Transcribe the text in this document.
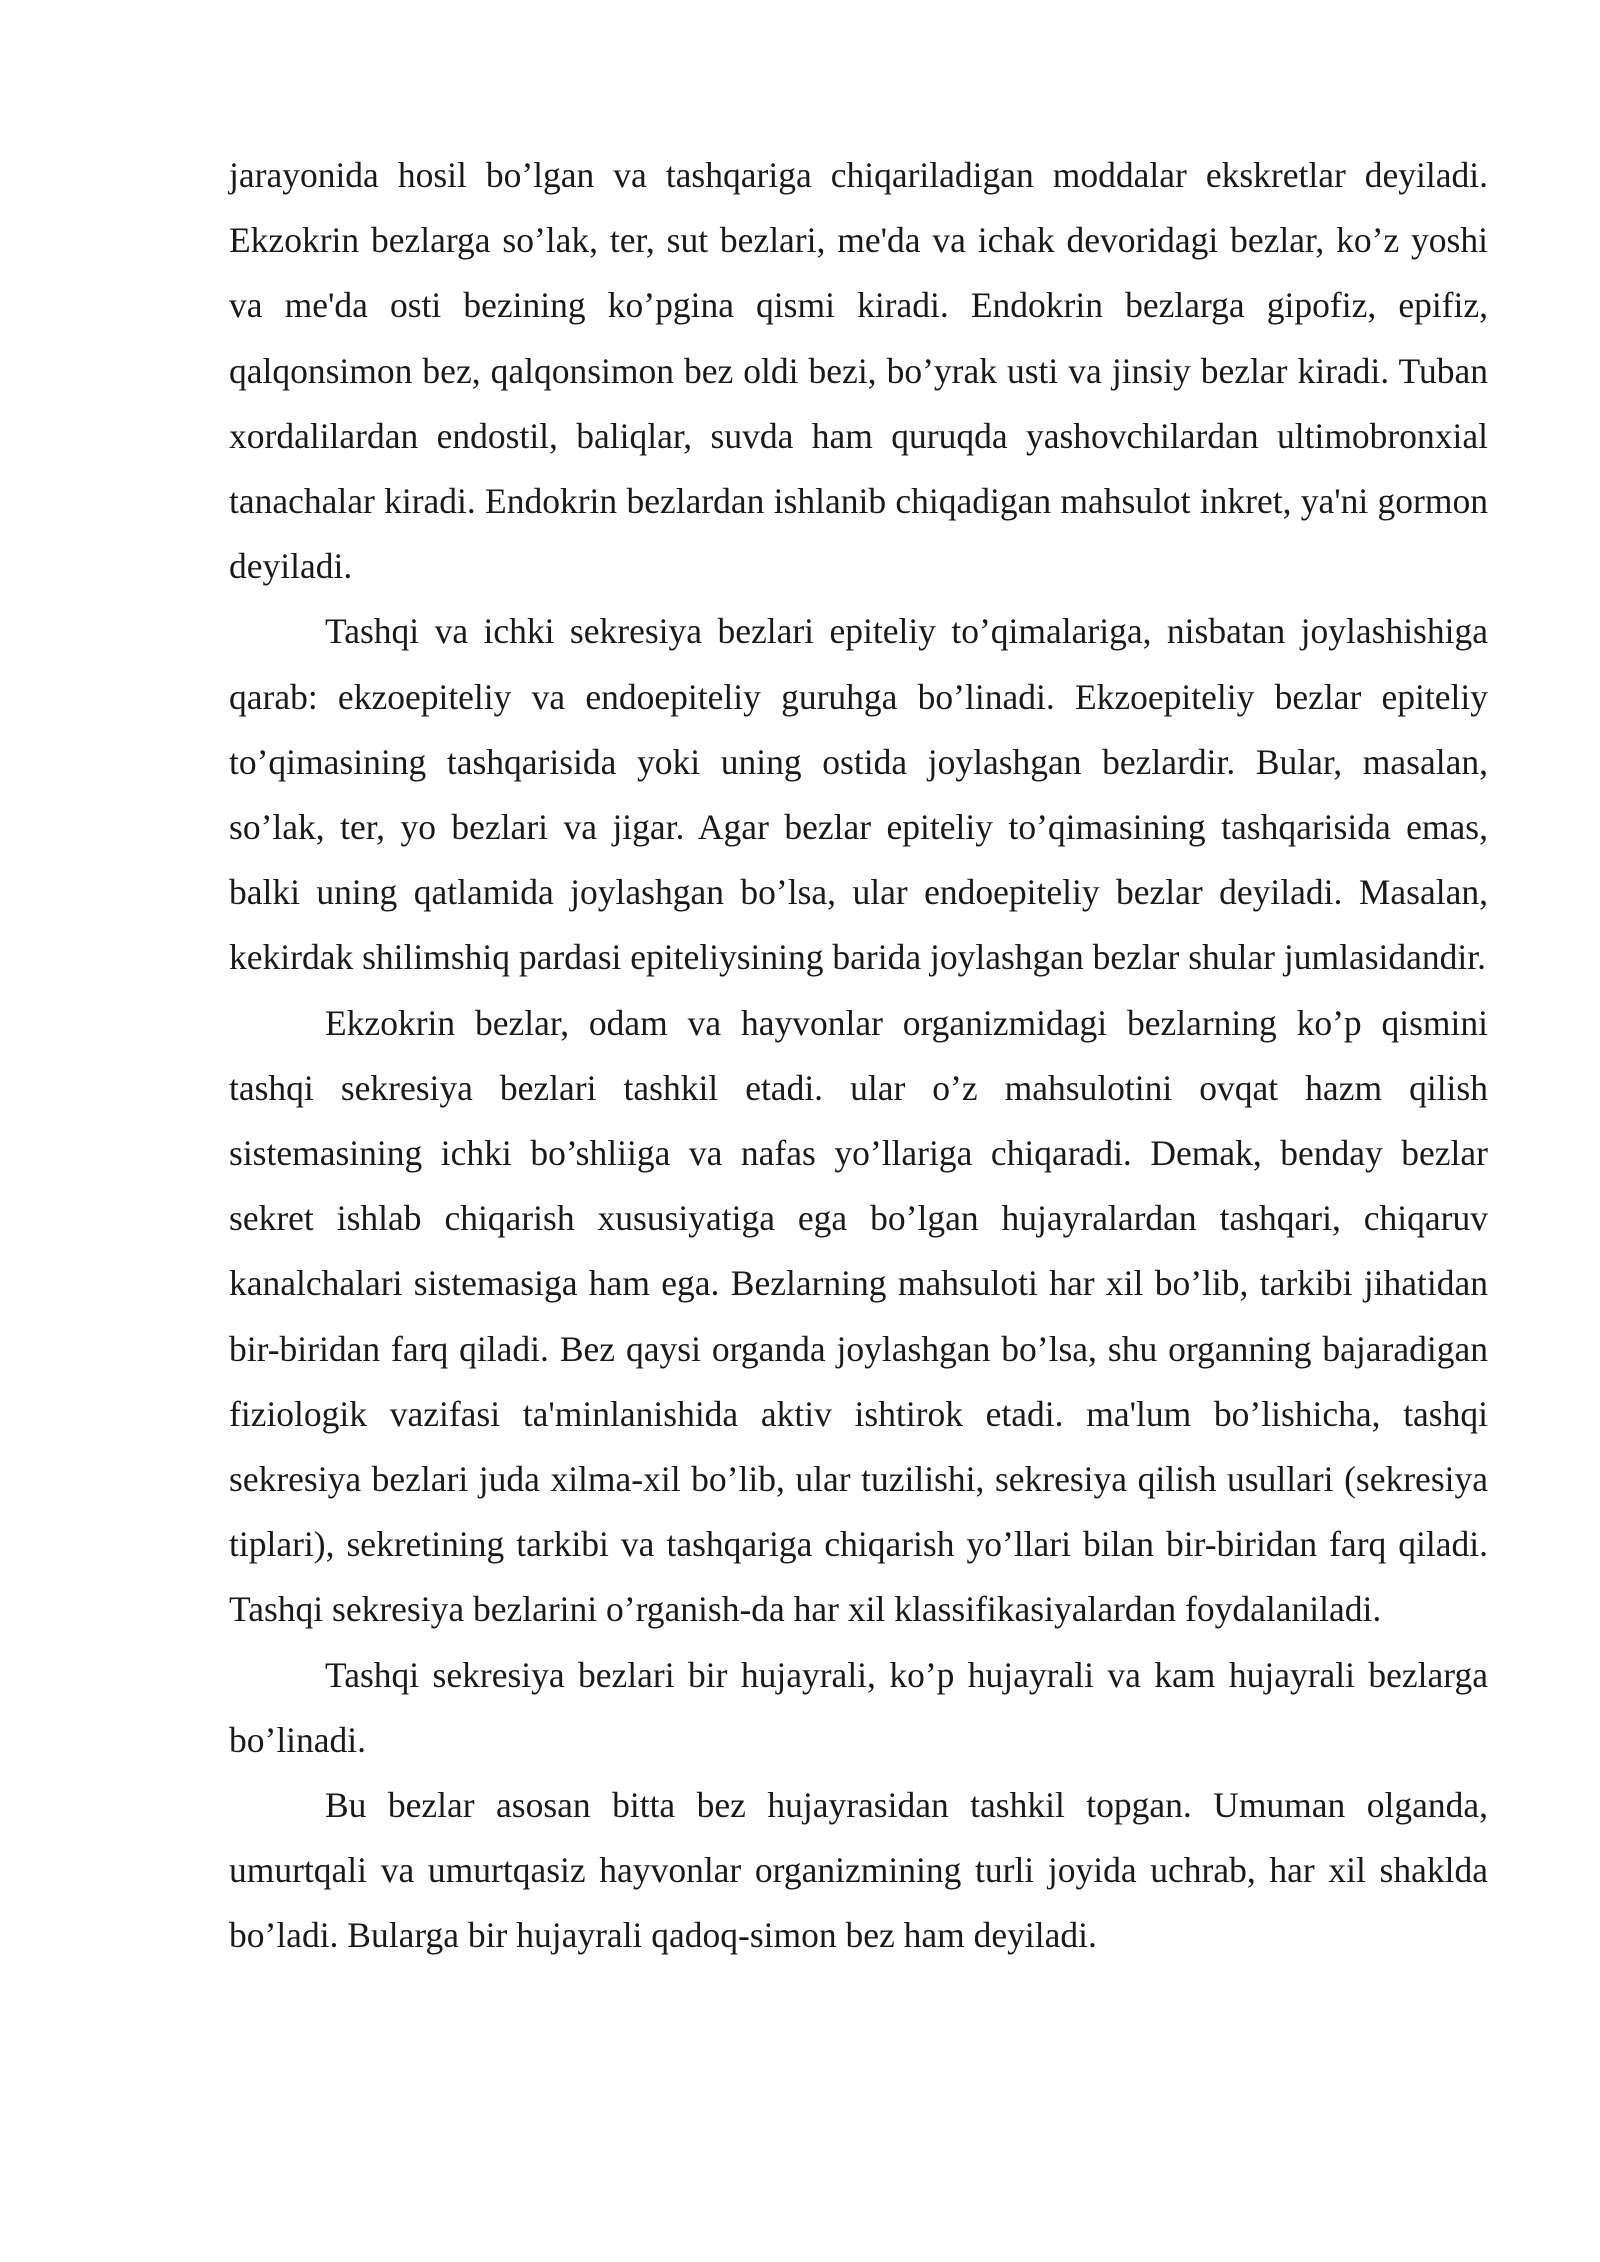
jarayonida hosil bo’lgan va tashqariga chiqariladigan moddalar ekskretlar deyiladi. Ekzokrin bezlarga so’lak, ter, sut bezlari, me'da va ichak devoridagi bezlar, ko’z yoshi va me'da osti bezining ko’pgina qismi kiradi. Endokrin bezlarga gipofiz, epifiz, qalqonsimon bez, qalqonsimon bez oldi bezi, bo’yrak usti va jinsiy bezlar kiradi. Tuban xordalilardan endostil, baliqlar, suvda ham quruqda yashovchilardan ultimobronxial tanachalar kiradi. Endokrin bezlardan ishlanib chiqadigan mahsulot inkret, ya'ni gormon deyiladi.

Tashqi va ichki sekresiya bezlari epiteliy to’qimalariga, nisbatan joylashishiga qarab: ekzoepiteliy va endoepiteliy guruhga bo’linadi. Ekzoepiteliy bezlar epiteliy to’qimasining tashqarisida yoki uning ostida joylashgan bezlardir. Bular, masalan, so’lak, ter, yo bezlari va jigar. Agar bezlar epiteliy to’qimasining tashqarisida emas, balki uning qatlamida joylashgan bo’lsa, ular endoepiteliy bezlar deyiladi. Masalan, kekirdak shilimshiq pardasi epiteliysining barida joylashgan bezlar shular jumlasidandir.

Ekzokrin bezlar, odam va hayvonlar organizmidagi bezlarning ko’p qismini tashqi sekresiya bezlari tashkil etadi. ular o’z mahsulotini ovqat hazm qilish sistemasining ichki bo’shliiga va nafas yo’llariga chiqaradi. Demak, benday bezlar sekret ishlab chiqarish xususiyatiga ega bo’lgan hujayralardan tashqari, chiqaruv kanalchalari sistemasiga ham ega. Bezlarning mahsuloti har xil bo’lib, tarkibi jihatidan bir-biridan farq qiladi. Bez qaysi organda joylashgan bo’lsa, shu organning bajaradigan fiziologik vazifasi ta'minlanishida aktiv ishtirok etadi. ma'lum bo’lishicha, tashqi sekresiya bezlari juda xilma-xil bo’lib, ular tuzilishi, sekresiya qilish usullari (sekresiya tiplari), sekretining tarkibi va tashqariga chiqarish yo’llari bilan bir-biridan farq qiladi. Tashqi sekresiya bezlarini o’rganish-da har xil klassifikasiyalardan foydalaniladi.

Tashqi sekresiya bezlari bir hujayrali, ko’p hujayrali va kam hujayrali bezlarga bo’linadi.

Bu bezlar asosan bitta bez hujayrasidan tashkil topgan. Umuman olganda, umurtqali va umurtqasiz hayvonlar organizmining turli joyida uchrab, har xil shaklda bo’ladi. Bularga bir hujayrali qadoq-simon bez ham deyiladi.
